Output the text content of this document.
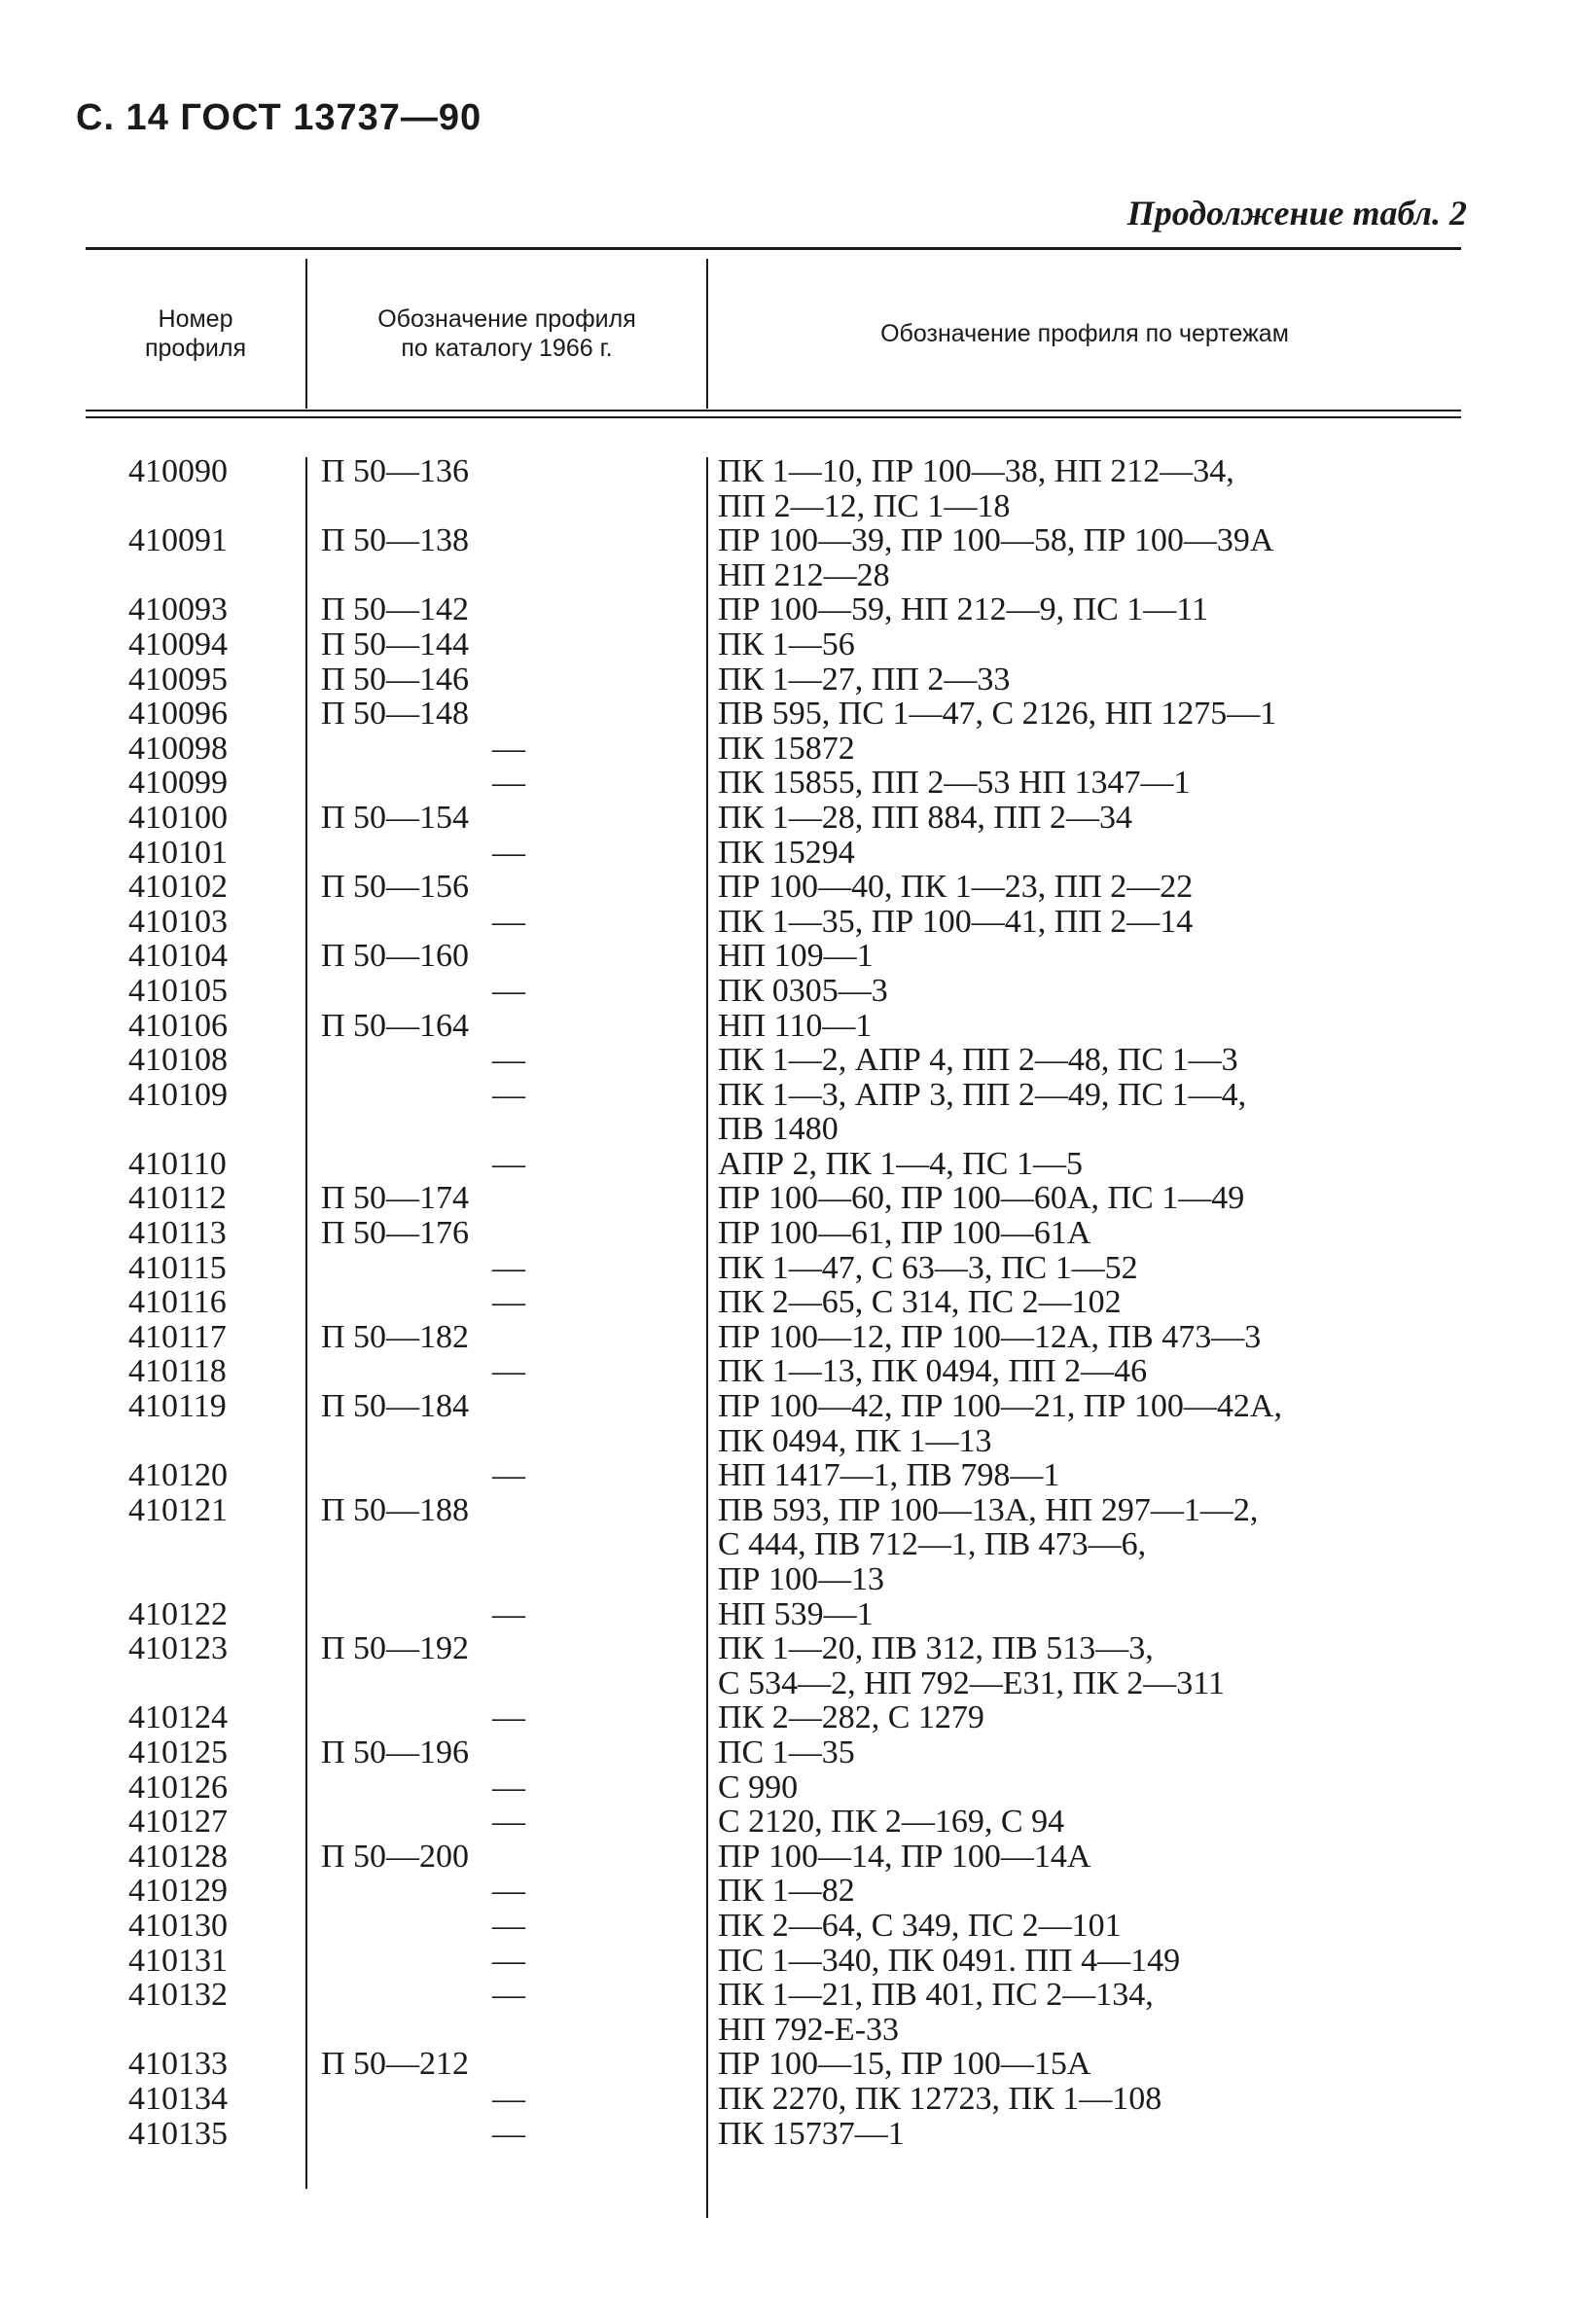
С. 14 ГОСТ 13737—90
Продолжение табл. 2
Номер
профиля
Обозначение профиля
по каталогу 1966 г.
Обозначение профиля по чертежам
410090	П 50—136	ПК 1—10, ПР 100—38, НП 212—34,
ПП 2—12, ПС 1—18
410091	П 50—138	ПР 100—39, ПР 100—58, ПР 100—39А
НП 212—28
410093	П 50—142	ПР 100—59, НП 212—9, ПС 1—11
410094	П 50—144	ПК 1—56
410095	П 50—146	ПК 1—27, ПП 2—33
410096	П 50—148	ПВ 595, ПС 1—47, С 2126, НП 1275—1
410098	—	ПК 15872
410099	—	ПК 15855, ПП 2—53 НП 1347—1
410100	П 50—154	ПК 1—28, ПП 884, ПП 2—34
410101	—	ПК 15294
410102	П 50—156	ПР 100—40, ПК 1—23, ПП 2—22
410103	—	ПК 1—35, ПР 100—41, ПП 2—14
410104	П 50—160	НП 109—1
410105	—	ПК 0305—3
410106	П 50—164	НП 110—1
410108	—	ПК 1—2, АПР 4, ПП 2—48, ПС 1—3
410109	—	ПК 1—3, АПР 3, ПП 2—49, ПС 1—4,
ПВ 1480
410110	—	АПР 2, ПК 1—4, ПС 1—5
410112	П 50—174	ПР 100—60, ПР 100—60А, ПС 1—49
410113	П 50—176	ПР 100—61, ПР 100—61А
410115	—	ПК 1—47, С 63—3, ПС 1—52
410116	—	ПК 2—65, С 314, ПС 2—102
410117	П 50—182	ПР 100—12, ПР 100—12А, ПВ 473—3
410118	—	ПК 1—13, ПК 0494, ПП 2—46
410119	П 50—184	ПР 100—42, ПР 100—21, ПР 100—42А,
ПК 0494, ПК 1—13
410120	—	НП 1417—1, ПВ 798—1
410121	П 50—188	ПВ 593, ПР 100—13А, НП 297—1—2,
С 444, ПВ 712—1, ПВ 473—6,
ПР 100—13
410122	—	НП 539—1
410123	П 50—192	ПК 1—20, ПВ 312, ПВ 513—3,
С 534—2, НП 792—Е31, ПК 2—311
410124	—	ПК 2—282, С 1279
410125	П 50—196	ПС 1—35
410126	—	С 990
410127	—	С 2120, ПК 2—169, С 94
410128	П 50—200	ПР 100—14, ПР 100—14А
410129	—	ПК 1—82
410130	—	ПК 2—64, С 349, ПС 2—101
410131	—	ПС 1—340, ПК 0491. ПП 4—149
410132	—	ПК 1—21, ПВ 401, ПС 2—134,
НП 792-Е-33
410133	П 50—212	ПР 100—15, ПР 100—15А
410134	—	ПК 2270, ПК 12723, ПК 1—108
410135	—	ПК 15737—1
